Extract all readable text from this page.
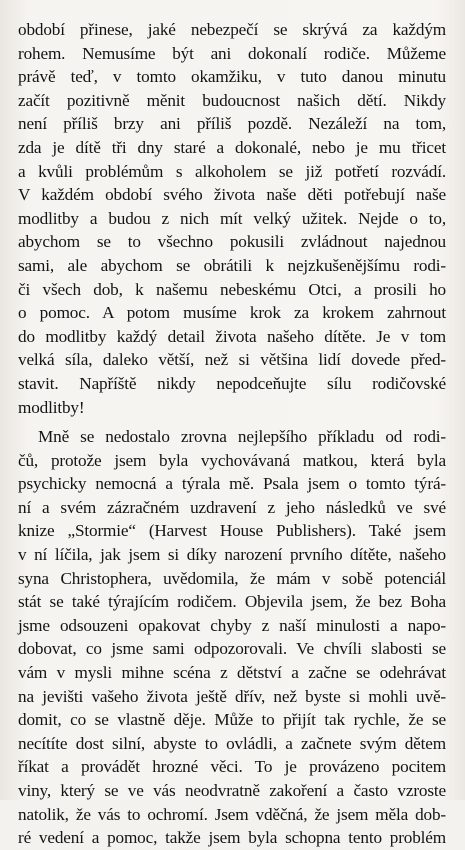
období přinese, jaké nebezpečí se skrývá za každým
rohem. Nemusíme být ani dokonalí rodiče. Můžeme
právě teď, v tomto okamžiku, v tuto danou minutu
začít pozitivně měnit budoucnost našich dětí. Nikdy
není příliš brzy ani příliš pozdě. Nezáleží na tom,
zda je dítě tři dny staré a dokonalé, nebo je mu třicet
a kvůli problémům s alkoholem se již potřetí rozvádí.
V každém období svého života naše děti potřebují naše
modlitby a budou z nich mít velký užitek. Nejde o to,
abychom se to všechno pokusili zvládnout najednou
sami, ale abychom se obrátili k nejzkušenějšímu rodi-
či všech dob, k našemu nebeskému Otci, a prosili ho
o pomoc. A potom musíme krok za krokem zahrnout
do modlitby každý detail života našeho dítěte. Je v tom
velká síla, daleko větší, než si většina lidí dovede před-
stavit. Napříště nikdy nepodceňujte sílu rodičovské
modlitby!
Mně se nedostalo zrovna nejlepšího příkladu od rodi-
čů, protože jsem byla vychovávaná matkou, která byla
psychicky nemocná a týrala mě. Psala jsem o tomto týrá-
ní a svém zázračném uzdravení z jeho následků ve své
knize „Stormie“ (Harvest House Publishers). Také jsem
v ní líčila, jak jsem si díky narození prvního dítěte, našeho
syna Christophera, uvědomila, že mám v sobě potenciál
stát se také týrajícím rodičem. Objevila jsem, že bez Boha
jsme odsouzeni opakovat chyby z naší minulosti a napo-
dobovat, co jsme sami odpozorovali. Ve chvíli slabosti se
vám v mysli mihne scéna z dětství a začne se odehrávat
na jevišti vašeho života ještě dřív, než byste si mohli uvě-
domit, co se vlastně děje. Může to přijít tak rychle, že se
necítíte dost silní, abyste to ovládli, a začnete svým dětem
říkat a provádět hrozné věci. To je provázeno pocitem
viny, který se ve vás neodvratně zakoření a často vzroste
natolik, že vás to ochromí. Jsem vděčná, že jsem měla dob-
ré vedení a pomoc, takže jsem byla schopna tento problém
